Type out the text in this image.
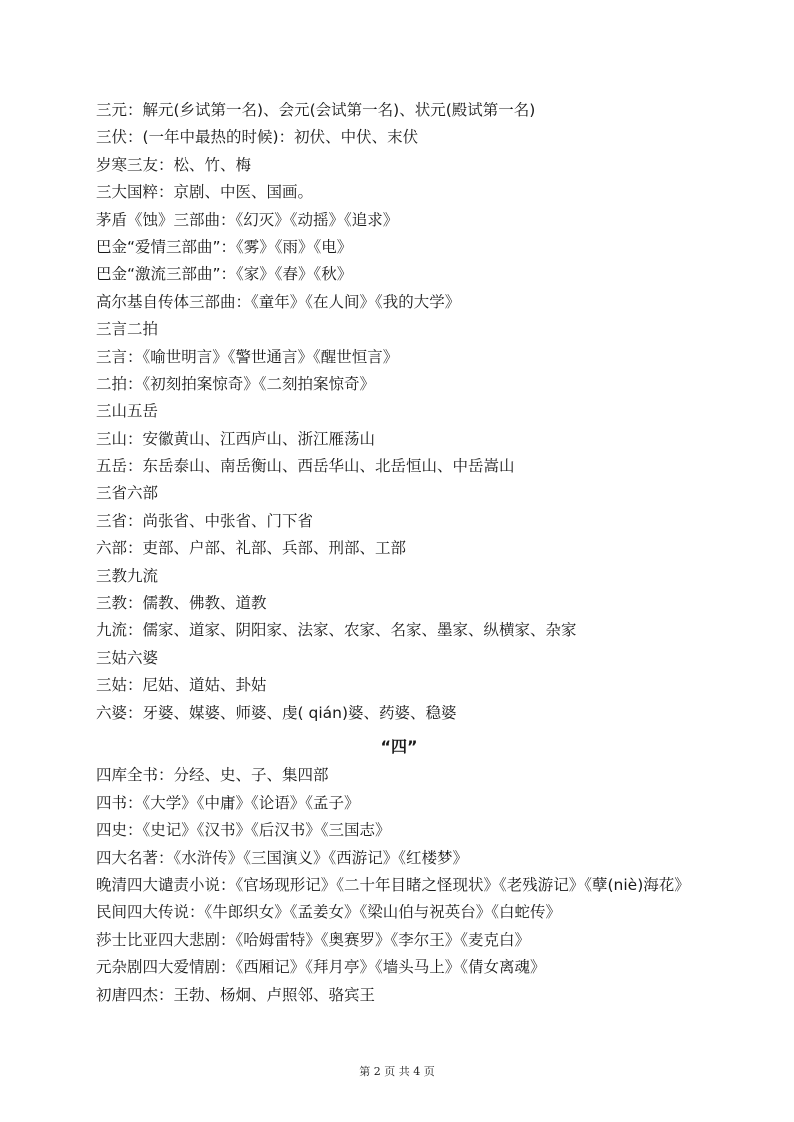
三元：解元(乡试第一名)、会元(会试第一名)、状元(殿试第一名)
三伏：(一年中最热的时候)：初伏、中伏、末伏
岁寒三友：松、竹、梅
三大国粹：京剧、中医、国画。
茅盾《蚀》三部曲：《幻灭》《动摇》《追求》
巴金“爱情三部曲”：《雾》《雨》《电》
巴金“激流三部曲”：《家》《春》《秋》
高尔基自传体三部曲：《童年》《在人间》《我的大学》
三言二拍
三言：《喻世明言》《警世通言》《醒世恒言》
二拍：《初刻拍案惊奇》《二刻拍案惊奇》
三山五岳
三山：安徽黄山、江西庐山、浙江雁荡山
五岳：东岳泰山、南岳衡山、西岳华山、北岳恒山、中岳嵩山
三省六部
三省：尚张省、中张省、门下省
六部：吏部、户部、礼部、兵部、刑部、工部
三教九流
三教：儒教、佛教、道教
九流：儒家、道家、阴阳家、法家、农家、名家、墨家、纵横家、杂家
三姑六婆
三姑：尼姑、道姑、卦姑
六婆：牙婆、媒婆、师婆、虔( qián)婆、药婆、稳婆
“四”
四库全书：分经、史、子、集四部
四书：《大学》《中庸》《论语》《孟子》
四史：《史记》《汉书》《后汉书》《三国志》
四大名著：《水浒传》《三国演义》《西游记》《红楼梦》
晚清四大谴责小说：《官场现形记》《二十年目睹之怪现状》《老残游记》《孽(niè)海花》
民间四大传说：《牛郎织女》《孟姜女》《梁山伯与祝英台》《白蛇传》
莎士比亚四大悲剧：《哈姆雷特》《奥赛罗》《李尔王》《麦克白》
元杂剧四大爱情剧：《西厢记》《拜月亭》《墙头马上》《倩女离魂》
初唐四杰：王勃、杨炯、卢照邻、骆宾王
第 2 页 共 4 页
